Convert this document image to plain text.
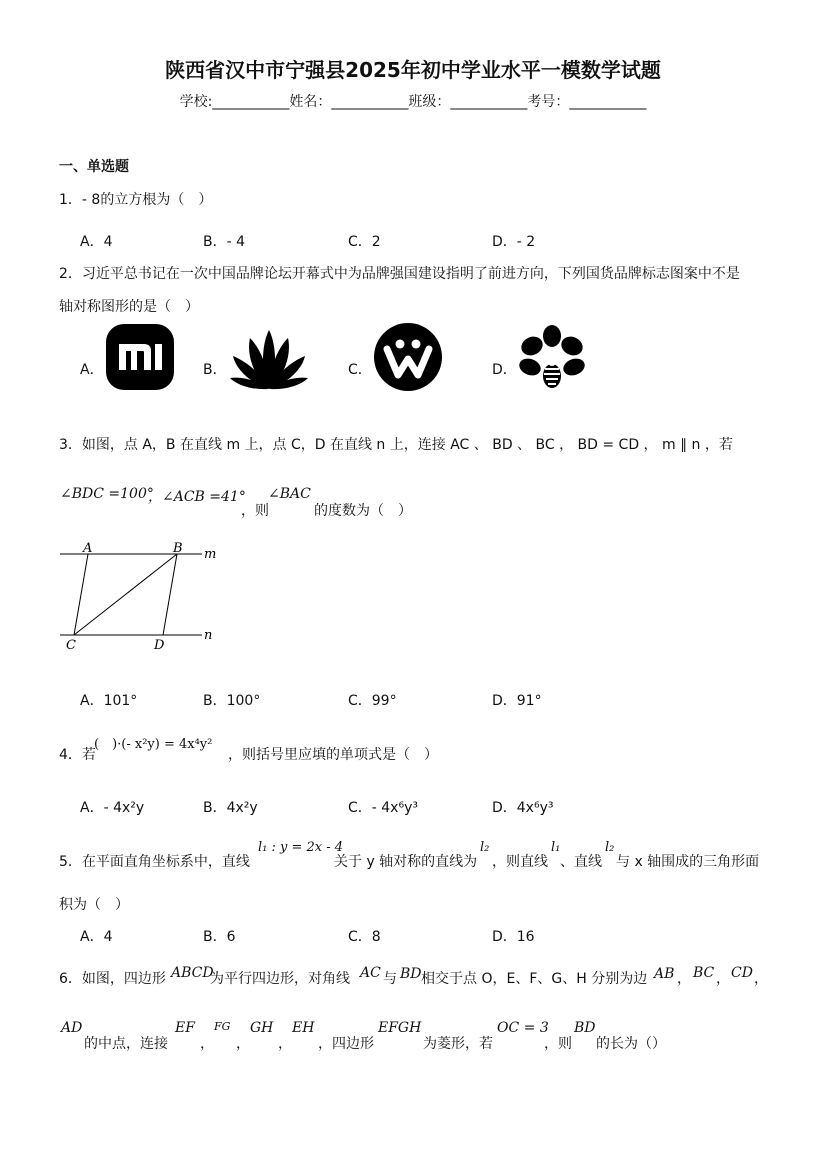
陕西省汉中市宁强县2025年初中学业水平一模数学试题
学校:___________姓名：___________班级：___________考号：___________
一、单选题
1．- 8的立方根为（　）
A．4	B．- 4	C．2	D．- 2
2．习近平总书记在一次中国品牌论坛开幕式中为品牌强国建设指明了前进方向，下列国货品牌标志图案中不是
轴对称图形的是（　）
A．	B．	C．	D．
3．如图，点 A，B 在直线 m 上，点 C，D 在直线 n 上，连接 AC 、 BD 、 BC ， BD = CD ， m ∥ n ，若
∠BDC =100°
，∠ACB =41°
，则
∠BAC
的度数为（　）
A	B m
C	D
n
A．101°	B．100°	C．99°	D．91°
4．若
(　)·(- x²y) = 4x⁴y²
，则括号里应填的单项式是（　）
A．- 4x²y	B．4x²y	C．- 4x⁶y³	D．4x⁶y³
5．在平面直角坐标系中，直线
l₁ : y = 2x - 4
关于 y 轴对称的直线为
l₂
，则直线
l₁
、直线
l₂
与 x 轴围成的三角形面
积为（　）
A．4	B．6	C．8	D．16
6．如图，四边形 ABCD
为平行四边形，对角线 AC 与 BD 相交于点 O，E、F、G、H 分别为边 AB ， BC ， CD ，
AD
的中点，连接
EF
，
FG
，
GH
，
EH
，四边形
EFGH
为菱形，若
OC = 3
，则
BD
的长为（）
